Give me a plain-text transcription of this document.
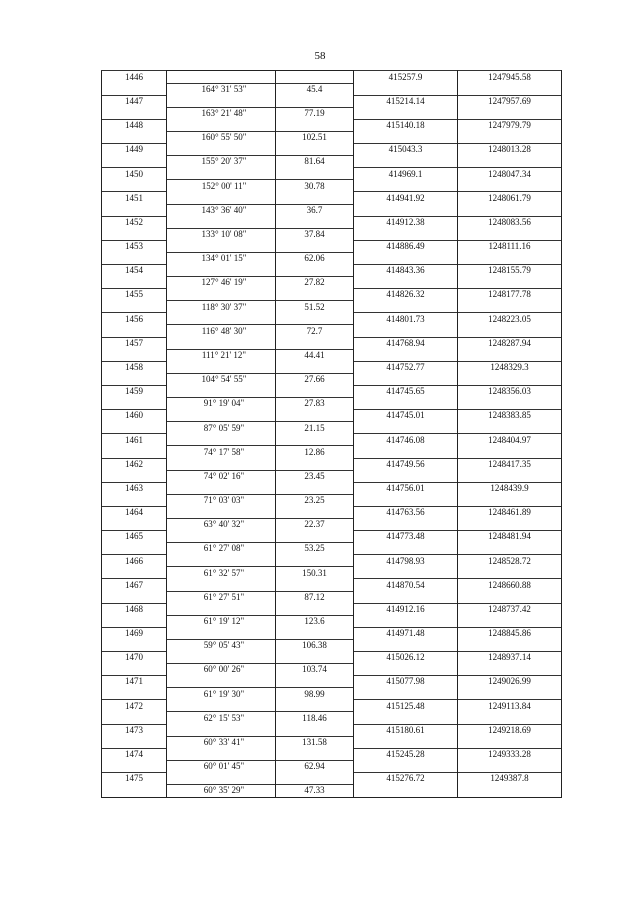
58
1446			415257.9	1247945.58
	164° 31' 53"	45.4		
1447			415214.14	1247957.69
	163° 21' 48"	77.19		
1448			415140.18	1247979.79
	160° 55' 50"	102.51		
1449			415043.3	1248013.28
	155° 20' 37"	81.64		
1450			414969.1	1248047.34
	152° 00' 11"	30.78		
1451			414941.92	1248061.79
	143° 36' 40"	36.7		
1452			414912.38	1248083.56
	133° 10' 08"	37.84		
1453			414886.49	1248111.16
	134° 01' 15"	62.06		
1454			414843.36	1248155.79
	127° 46' 19"	27.82		
1455			414826.32	1248177.78
	118° 30' 37"	51.52		
1456			414801.73	1248223.05
	116° 48' 30"	72.7		
1457			414768.94	1248287.94
	111° 21' 12"	44.41		
1458			414752.77	1248329.3
	104° 54' 55"	27.66		
1459			414745.65	1248356.03
	91° 19' 04"	27.83		
1460			414745.01	1248383.85
	87° 05' 59"	21.15		
1461			414746.08	1248404.97
	74° 17' 58"	12.86		
1462			414749.56	1248417.35
	74° 02' 16"	23.45		
1463			414756.01	1248439.9
	71° 03' 03"	23.25		
1464			414763.56	1248461.89
	63° 40' 32"	22.37		
1465			414773.48	1248481.94
	61° 27' 08"	53.25		
1466			414798.93	1248528.72
	61° 32' 57"	150.31		
1467			414870.54	1248660.88
	61° 27' 51"	87.12		
1468			414912.16	1248737.42
	61° 19' 12"	123.6		
1469			414971.48	1248845.86
	59° 05' 43"	106.38		
1470			415026.12	1248937.14
	60° 00' 26"	103.74		
1471			415077.98	1249026.99
	61° 19' 30"	98.99		
1472			415125.48	1249113.84
	62° 15' 53"	118.46		
1473			415180.61	1249218.69
	60° 33' 41"	131.58		
1474			415245.28	1249333.28
	60° 01' 45"	62.94		
1475			415276.72	1249387.8
	60° 35' 29"	47.33		
